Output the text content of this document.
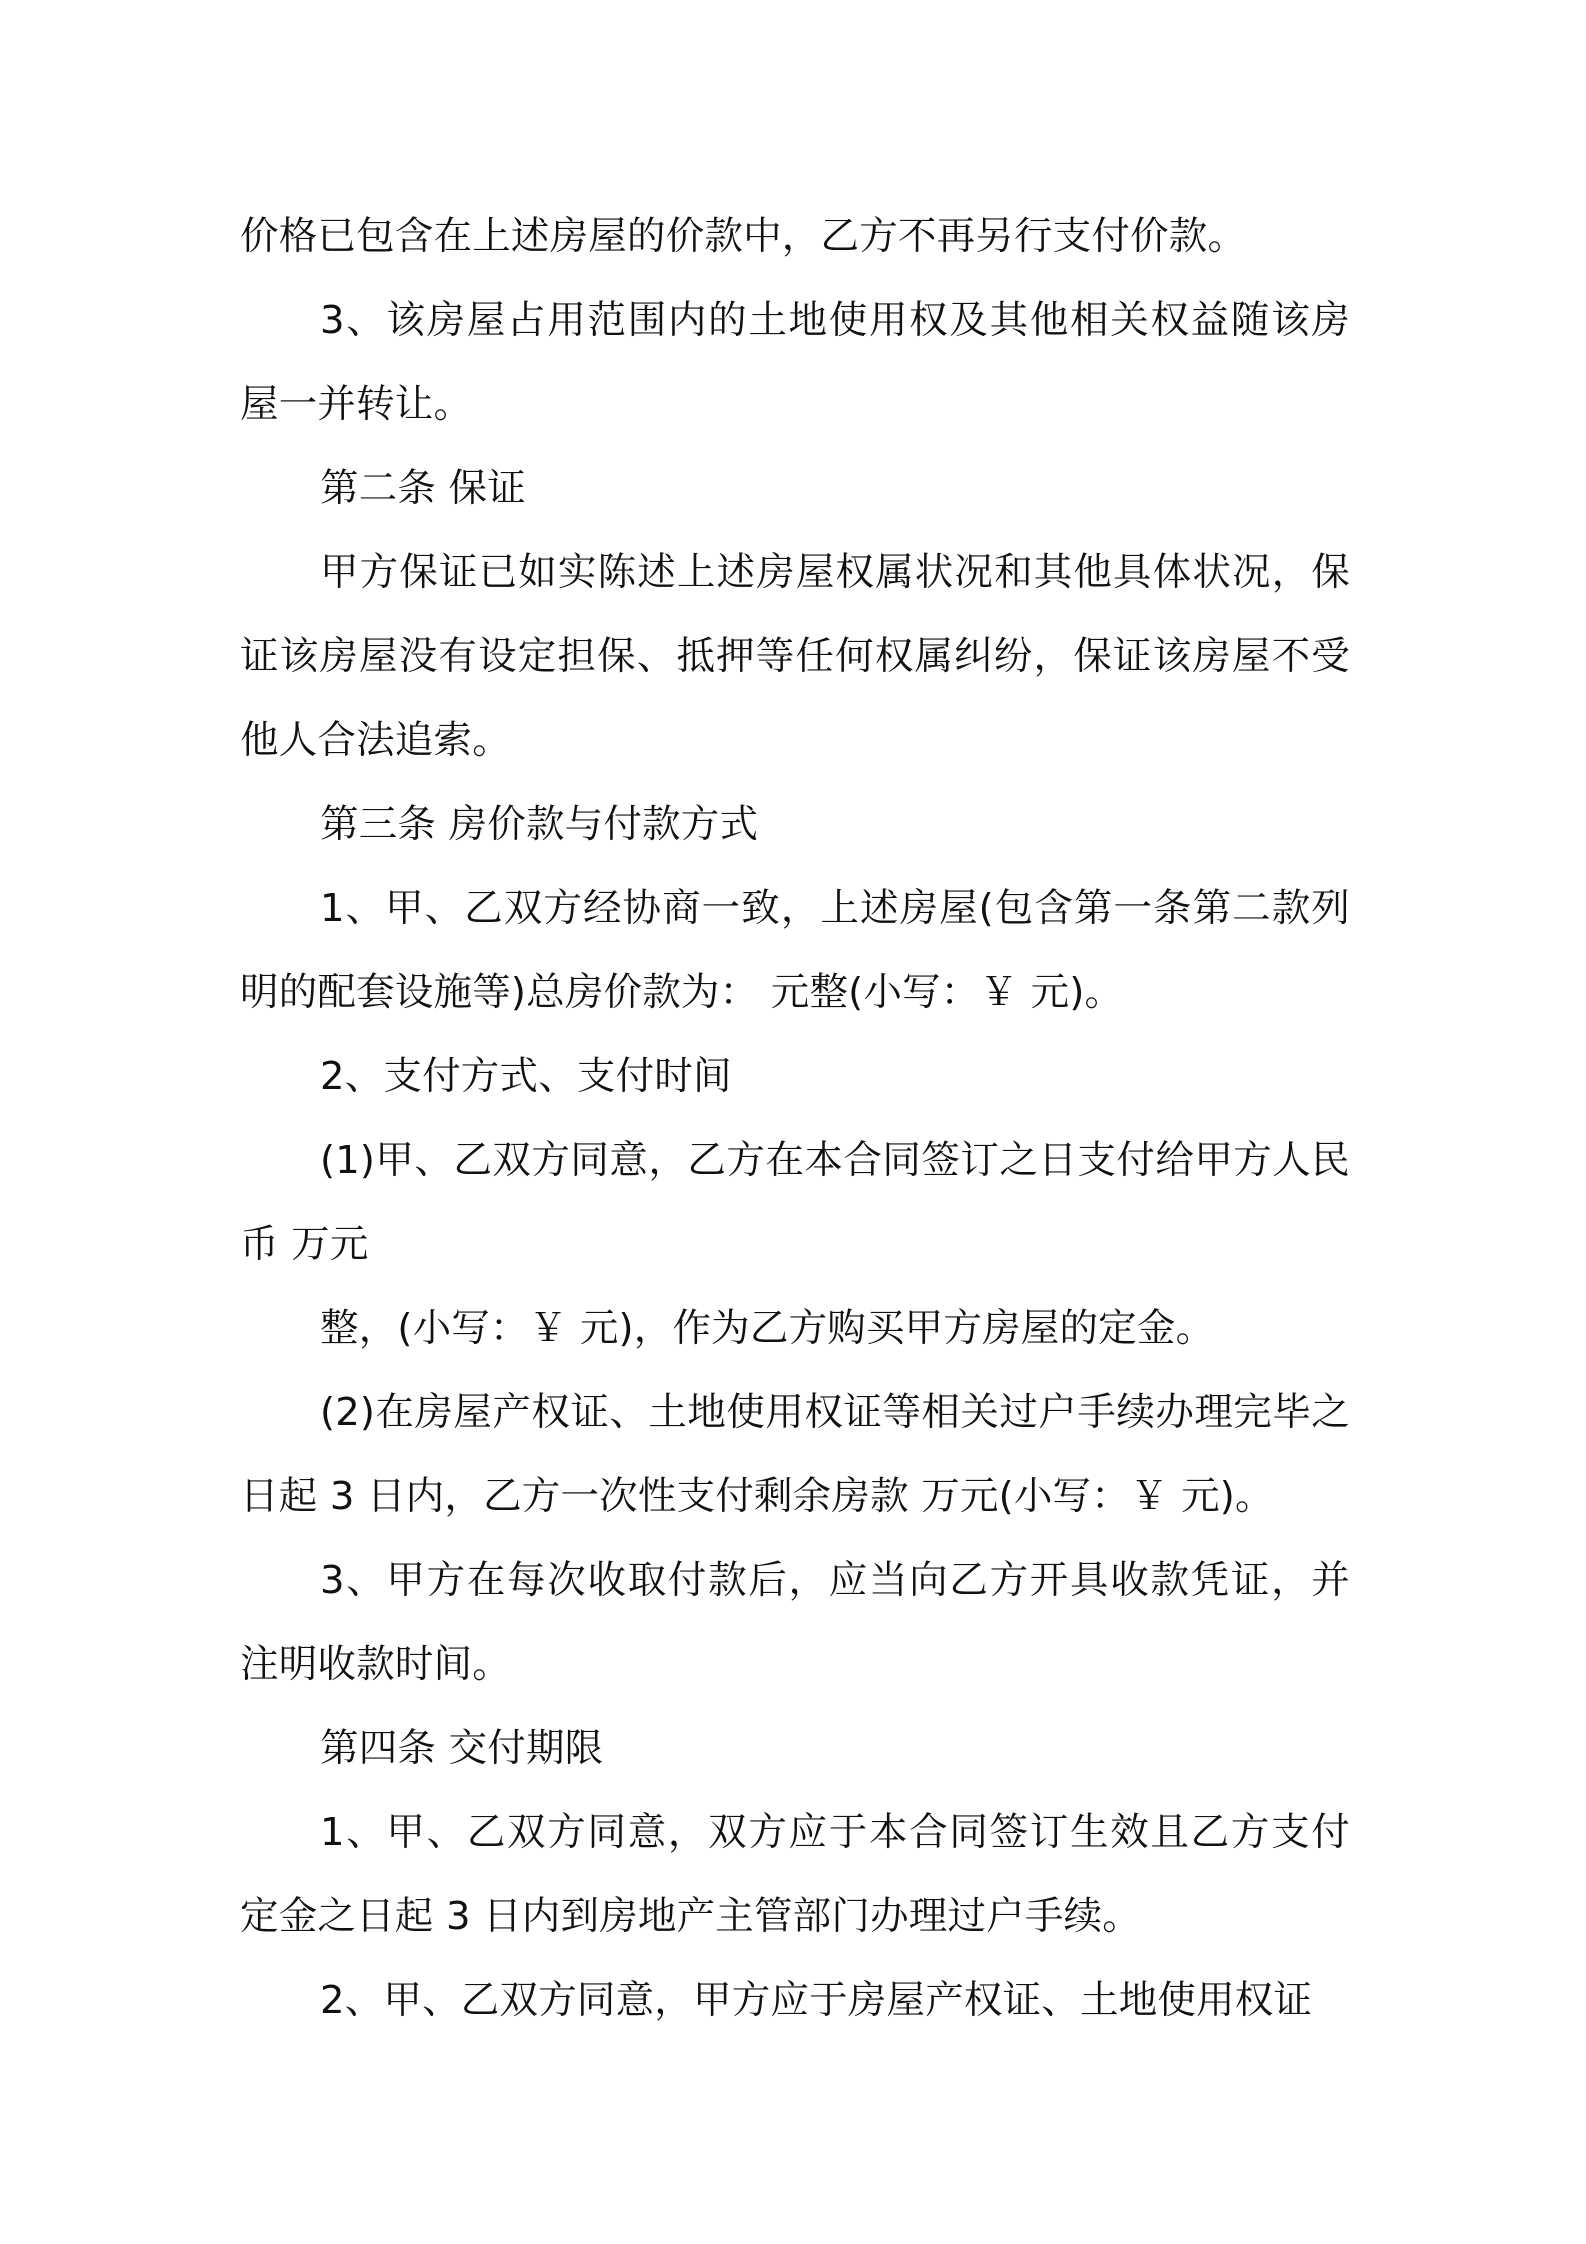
价格已包含在上述房屋的价款中，乙方不再另行支付价款。

3、该房屋占用范围内的土地使用权及其他相关权益随该房屋一并转让。

第二条 保证

甲方保证已如实陈述上述房屋权属状况和其他具体状况，保证该房屋没有设定担保、抵押等任何权属纠纷，保证该房屋不受他人合法追索。

第三条 房价款与付款方式

1、甲、乙双方经协商一致，上述房屋(包含第一条第二款列明的配套设施等)总房价款为： 元整(小写：￥ 元)。

2、支付方式、支付时间

(1)甲、乙双方同意，乙方在本合同签订之日支付给甲方人民币 万元

整，(小写：￥ 元)，作为乙方购买甲方房屋的定金。

(2)在房屋产权证、土地使用权证等相关过户手续办理完毕之日起 3 日内，乙方一次性支付剩余房款 万元(小写：￥ 元)。

3、甲方在每次收取付款后，应当向乙方开具收款凭证，并注明收款时间。

第四条 交付期限

1、甲、乙双方同意，双方应于本合同签订生效且乙方支付定金之日起 3 日内到房地产主管部门办理过户手续。

2、甲、乙双方同意，甲方应于房屋产权证、土地使用权证
